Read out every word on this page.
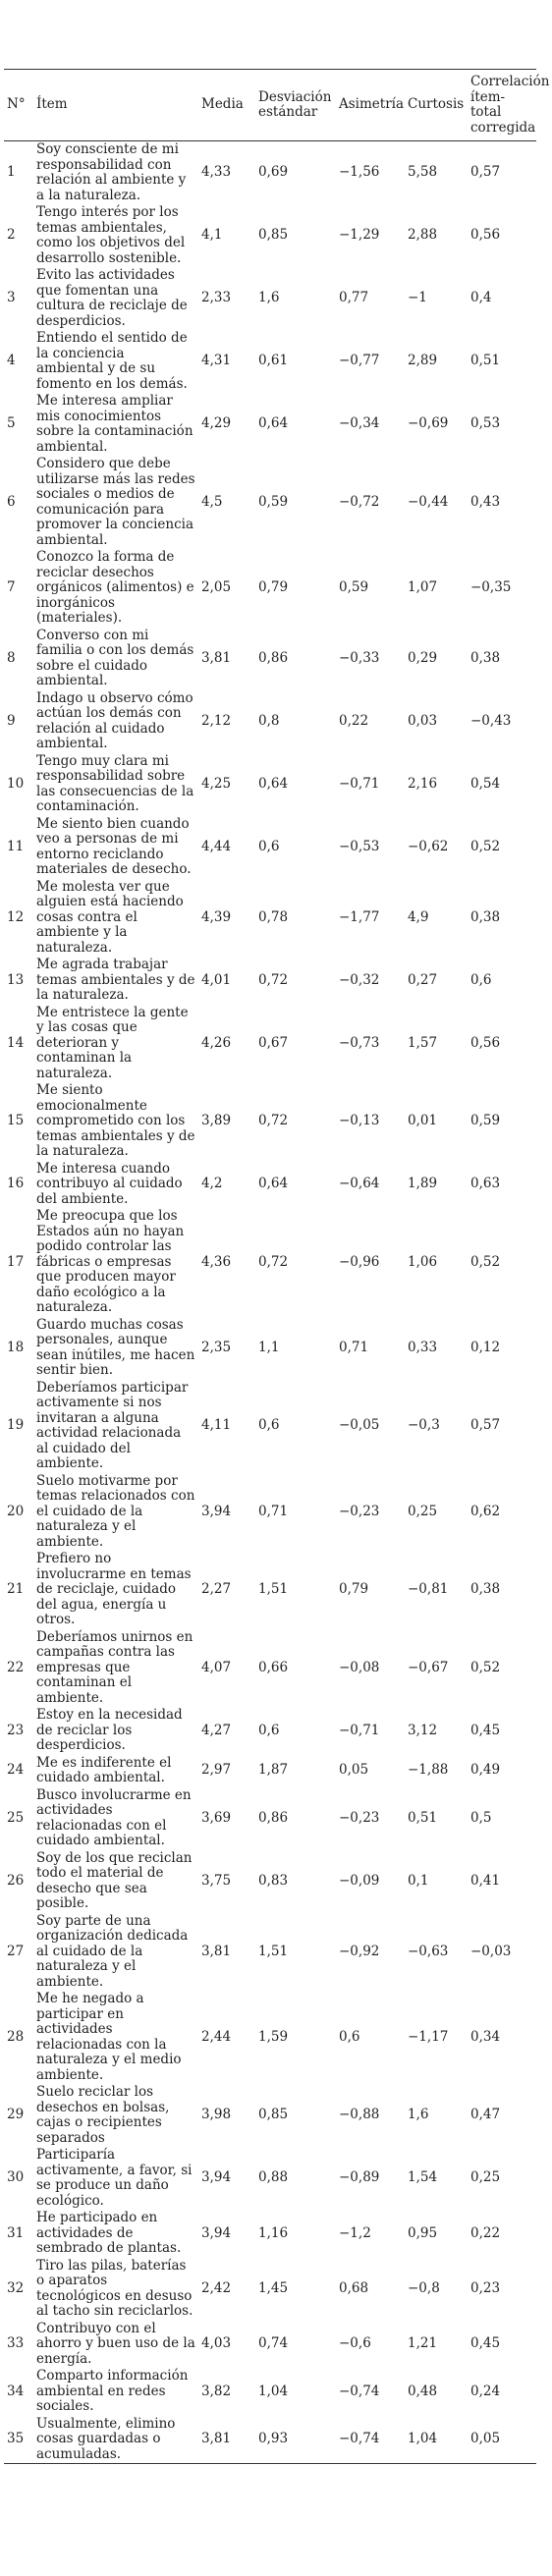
N°	Ítem	Media	Desviación estándar	Asimetría	Curtosis	Correlación ítem-total corregida
1	Soy consciente de mi responsabilidad con relación al ambiente y a la naturaleza.	4,33	0,69	−1,56	5,58	0,57
2	Tengo interés por los temas ambientales, como los objetivos del desarrollo sostenible.	4,1	0,85	−1,29	2,88	0,56
3	Evito las actividades que fomentan una cultura de reciclaje de desperdicios.	2,33	1,6	0,77	−1	0,4
4	Entiendo el sentido de la conciencia ambiental y de su fomento en los demás.	4,31	0,61	−0,77	2,89	0,51
5	Me interesa ampliar mis conocimientos sobre la contaminación ambiental.	4,29	0,64	−0,34	−0,69	0,53
6	Considero que debe utilizarse más las redes sociales o medios de comunicación para promover la conciencia ambiental.	4,5	0,59	−0,72	−0,44	0,43
7	Conozco la forma de reciclar desechos orgánicos (alimentos) e inorgánicos (materiales).	2,05	0,79	0,59	1,07	−0,35
8	Converso con mi familia o con los demás sobre el cuidado ambiental.	3,81	0,86	−0,33	0,29	0,38
9	Indago u observo cómo actúan los demás con relación al cuidado ambiental.	2,12	0,8	0,22	0,03	−0,43
10	Tengo muy clara mi responsabilidad sobre las consecuencias de la contaminación.	4,25	0,64	−0,71	2,16	0,54
11	Me siento bien cuando veo a personas de mi entorno reciclando materiales de desecho.	4,44	0,6	−0,53	−0,62	0,52
12	Me molesta ver que alguien está haciendo cosas contra el ambiente y la naturaleza.	4,39	0,78	−1,77	4,9	0,38
13	Me agrada trabajar temas ambientales y de la naturaleza.	4,01	0,72	−0,32	0,27	0,6
14	Me entristece la gente y las cosas que deterioran y contaminan la naturaleza.	4,26	0,67	−0,73	1,57	0,56
15	Me siento emocionalmente comprometido con los temas ambientales y de la naturaleza.	3,89	0,72	−0,13	0,01	0,59
16	Me interesa cuando contribuyo al cuidado del ambiente.	4,2	0,64	−0,64	1,89	0,63
17	Me preocupa que los Estados aún no hayan podido controlar las fábricas o empresas que producen mayor daño ecológico a la naturaleza.	4,36	0,72	−0,96	1,06	0,52
18	Guardo muchas cosas personales, aunque sean inútiles, me hacen sentir bien.	2,35	1,1	0,71	0,33	0,12
19	Deberíamos participar activamente si nos invitaran a alguna actividad relacionada al cuidado del ambiente.	4,11	0,6	−0,05	−0,3	0,57
20	Suelo motivarme por temas relacionados con el cuidado de la naturaleza y el ambiente.	3,94	0,71	−0,23	0,25	0,62
21	Prefiero no involucrarme en temas de reciclaje, cuidado del agua, energía u otros.	2,27	1,51	0,79	−0,81	0,38
22	Deberíamos unirnos en campañas contra las empresas que contaminan el ambiente.	4,07	0,66	−0,08	−0,67	0,52
23	Estoy en la necesidad de reciclar los desperdicios.	4,27	0,6	−0,71	3,12	0,45
24	Me es indiferente el cuidado ambiental.	2,97	1,87	0,05	−1,88	0,49
25	Busco involucrarme en actividades relacionadas con el cuidado ambiental.	3,69	0,86	−0,23	0,51	0,5
26	Soy de los que reciclan todo el material de desecho que sea posible.	3,75	0,83	−0,09	0,1	0,41
27	Soy parte de una organización dedicada al cuidado de la naturaleza y el ambiente.	3,81	1,51	−0,92	−0,63	−0,03
28	Me he negado a participar en actividades relacionadas con la naturaleza y el medio ambiente.	2,44	1,59	0,6	−1,17	0,34
29	Suelo reciclar los desechos en bolsas, cajas o recipientes separados	3,98	0,85	−0,88	1,6	0,47
30	Participaría activamente, a favor, si se produce un daño ecológico.	3,94	0,88	−0,89	1,54	0,25
31	He participado en actividades de sembrado de plantas.	3,94	1,16	−1,2	0,95	0,22
32	Tiro las pilas, baterías o aparatos tecnológicos en desuso al tacho sin reciclarlos.	2,42	1,45	0,68	−0,8	0,23
33	Contribuyo con el ahorro y buen uso de la energía.	4,03	0,74	−0,6	1,21	0,45
34	Comparto información ambiental en redes sociales.	3,82	1,04	−0,74	0,48	0,24
35	Usualmente, elimino cosas guardadas o acumuladas.	3,81	0,93	−0,74	1,04	0,05
